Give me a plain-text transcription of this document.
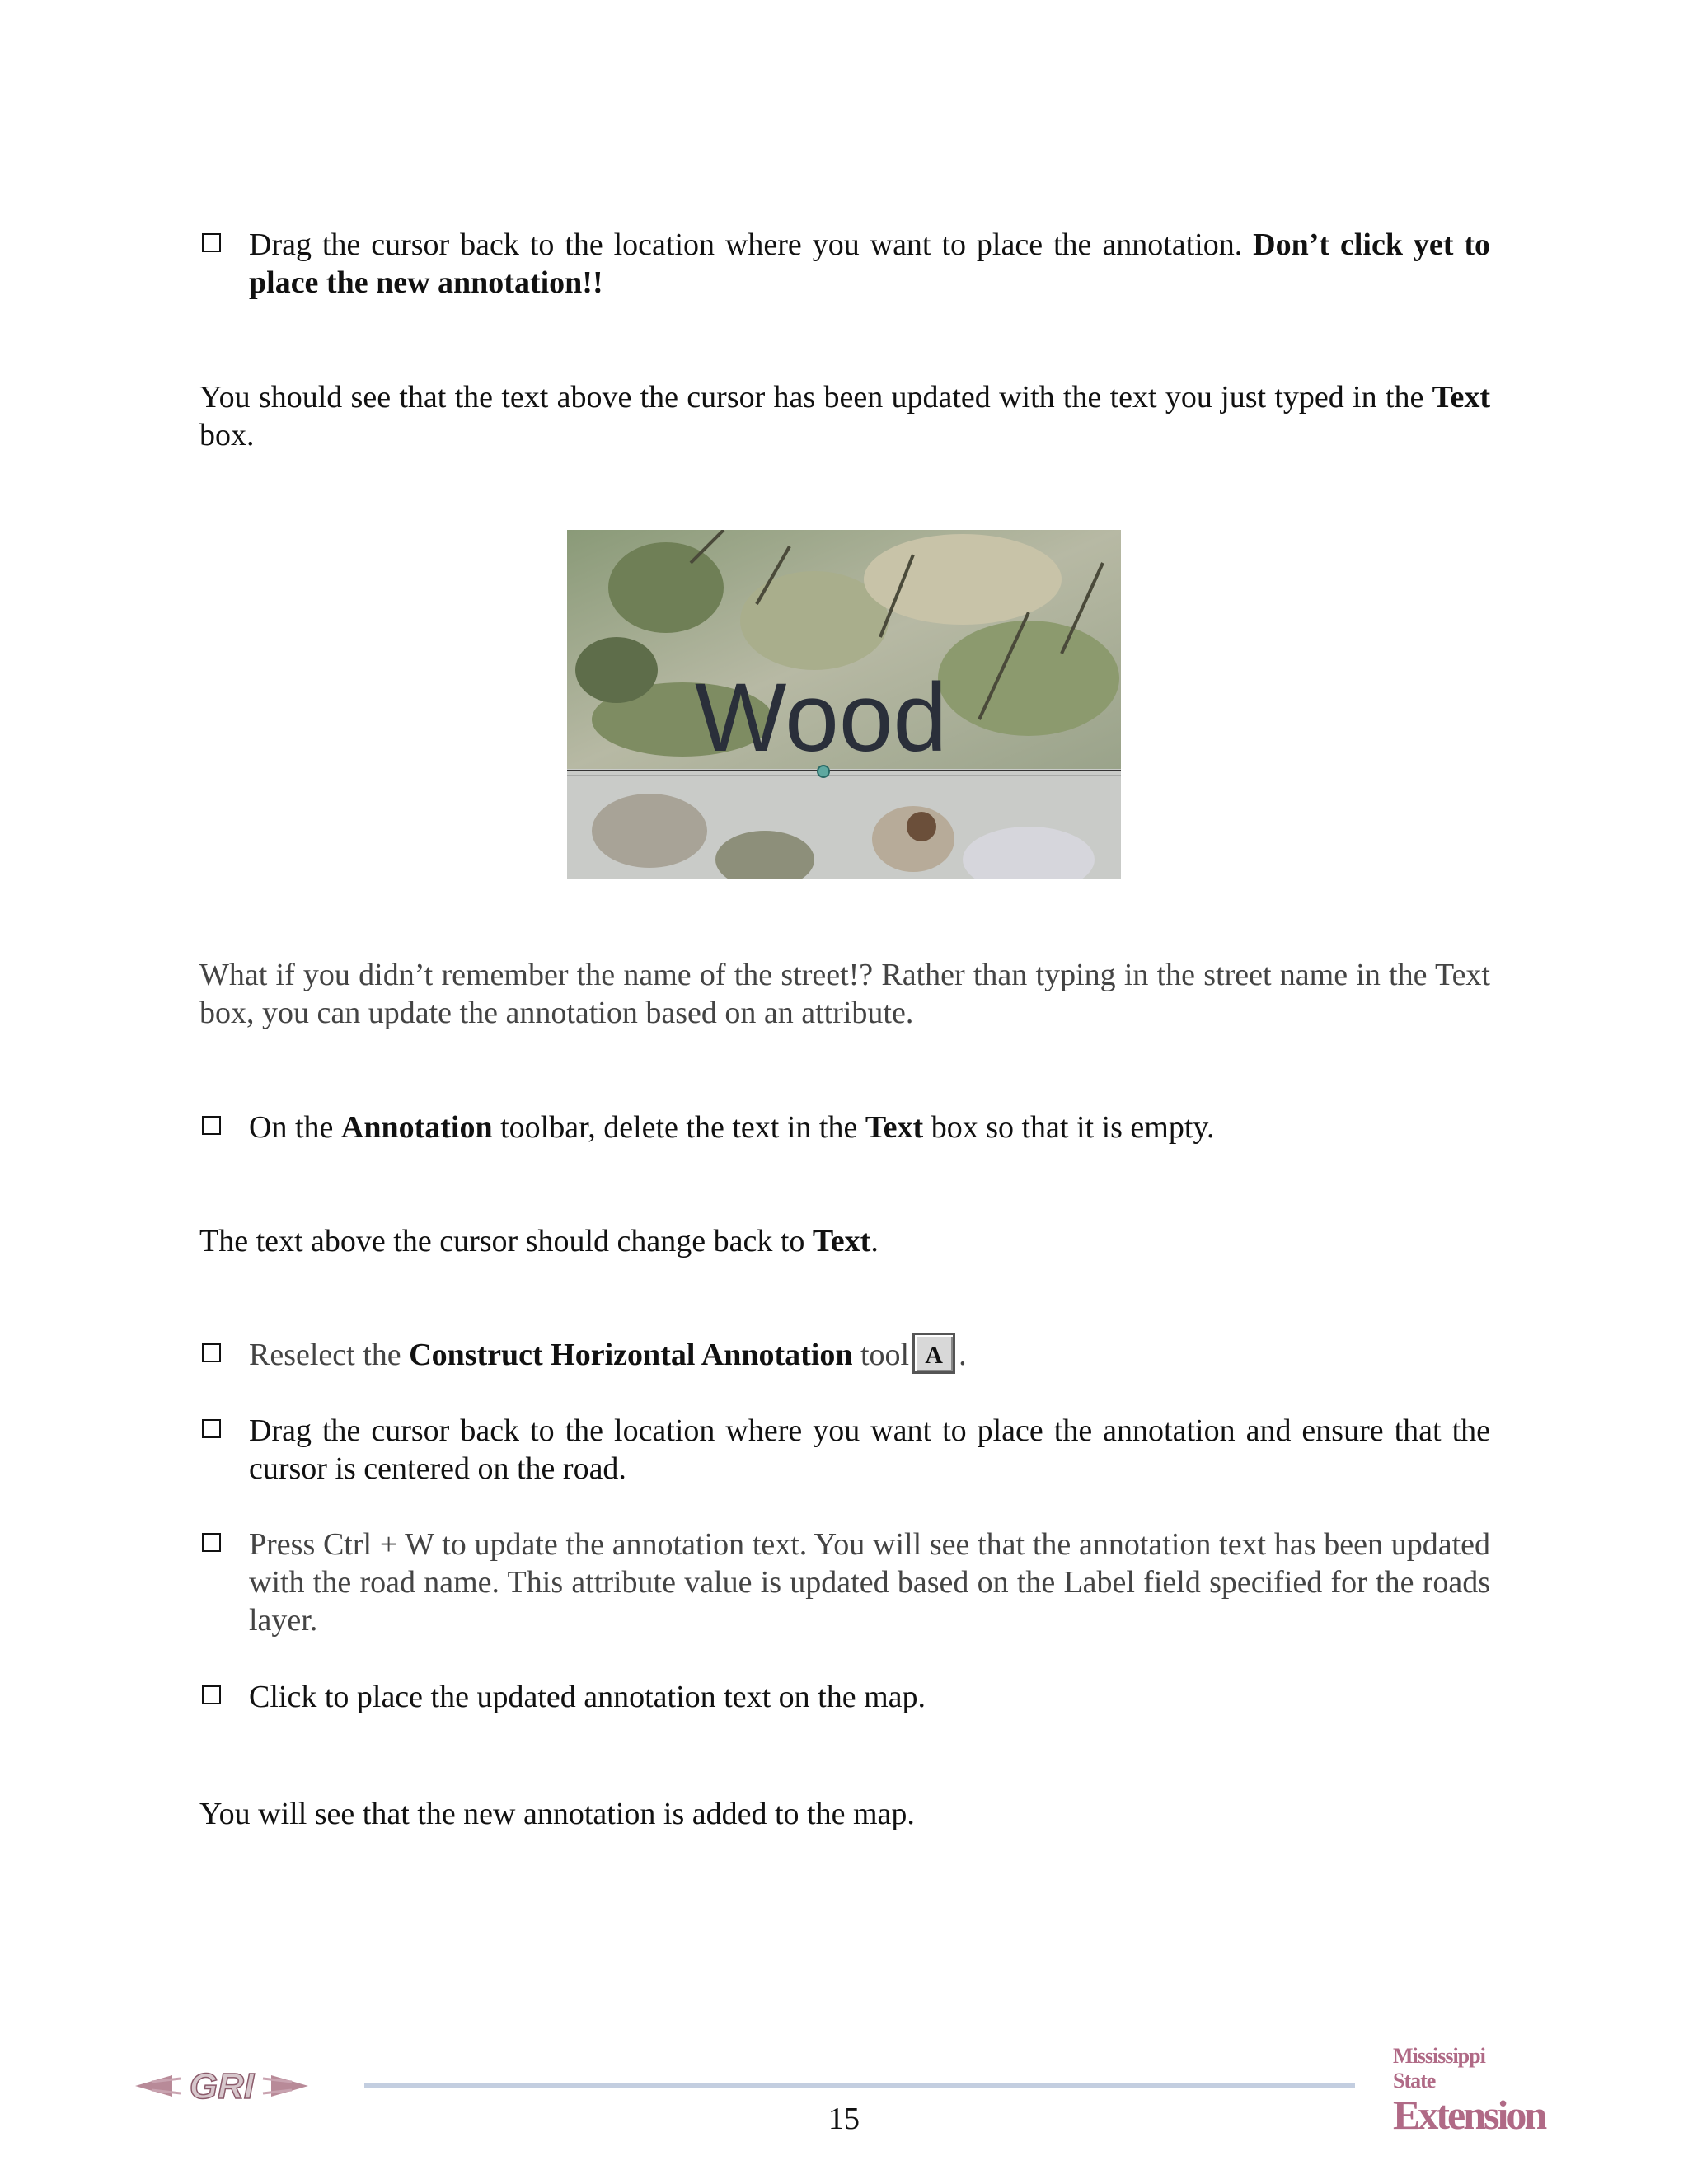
Drag the cursor back to the location where you want to place the annotation. Don’t click yet to place the new annotation!!
You should see that the text above the cursor has been updated with the text you just typed in the Text box.
Wood
What if you didn’t remember the name of the street!? Rather than typing in the street name in the Text box, you can update the annotation based on an attribute.
On the Annotation toolbar, delete the text in the Text box so that it is empty.
The text above the cursor should change back to Text.
Reselect the Construct Horizontal Annotation tool A .
Drag the cursor back to the location where you want to place the annotation and ensure that the cursor is centered on the road.
Press Ctrl + W to update the annotation text. You will see that the annotation text has been updated with the road name. This attribute value is updated based on the Label field specified for the roads layer.
Click to place the updated annotation text on the map.
You will see that the new annotation is added to the map.
GRI
15
Mississippi State
Extension
